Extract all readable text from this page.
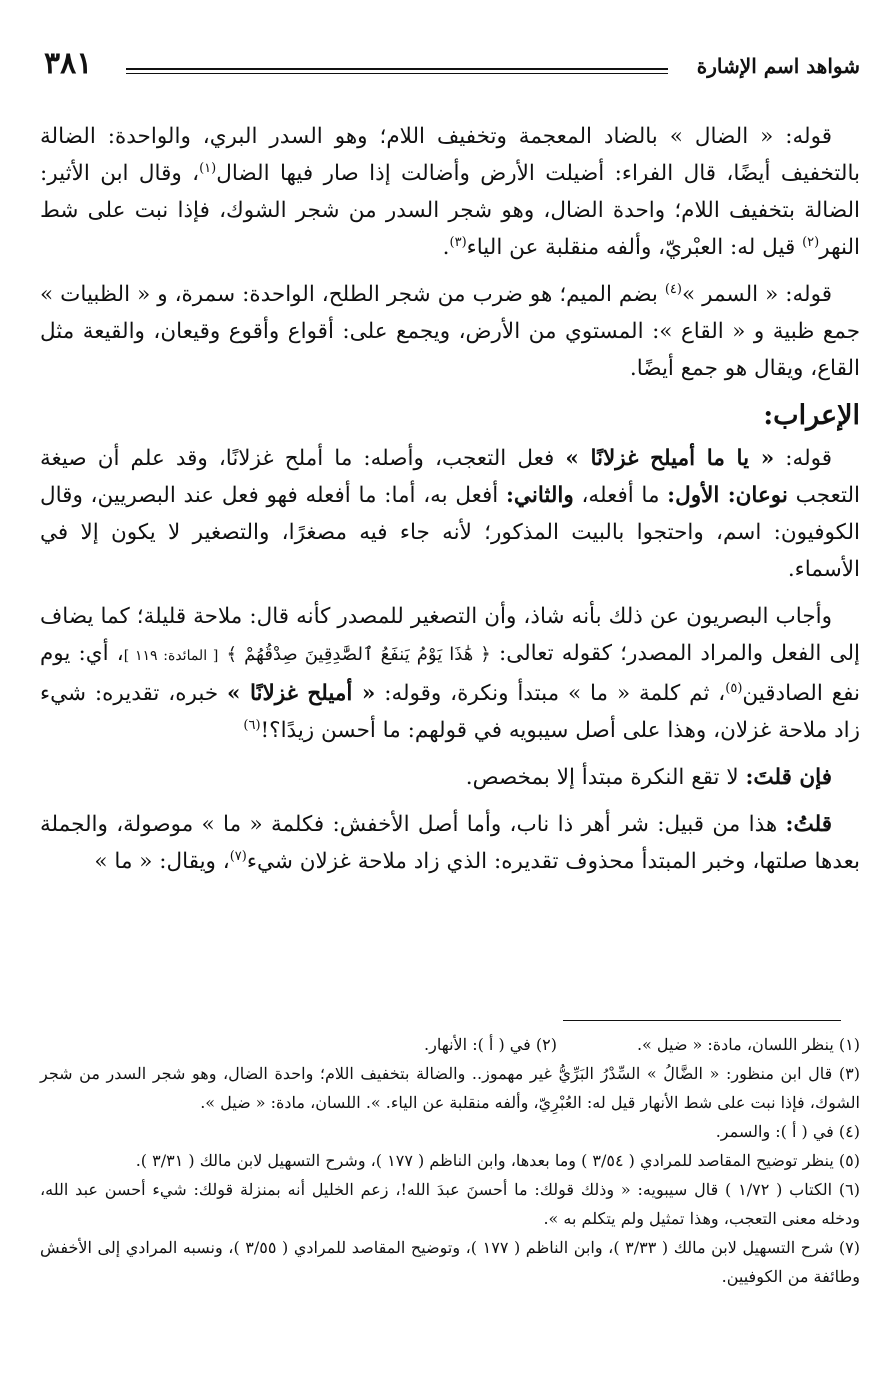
شواهد اسم الإشارة
٣٨١

قوله: « الضال » بالضاد المعجمة وتخفيف اللام؛ وهو السدر البري، والواحدة: الضالة بالتخفيف أيضًا، قال الفراء: أضيلت الأرض وأضالت إذا صار فيها الضال$^{(١)}$، وقال ابن الأثير: الضالة بتخفيف اللام؛ واحدة الضال، وهو شجر السدر من شجر الشوك، فإذا نبت على شط النهر$^{(٢)}$ قيل له: العبْريّ، وألفه منقلبة عن الياء$^{(٣)}$.

قوله: « السمر »$^{(٤)}$ بضم الميم؛ هو ضرب من شجر الطلح، الواحدة: سمرة، و « الظبيات » جمع ظبية و « القاع »: المستوي من الأرض، ويجمع على: أقواع وأقوع وقيعان، والقيعة مثل القاع، ويقال هو جمع أيضًا.

الإعراب:

قوله: « يا ما أميلح غزلانًا » فعل التعجب، وأصله: ما أملح غزلانًا، وقد علم أن صيغة التعجب نوعان: الأول: ما أفعله، والثاني: أفعل به، أما: ما أفعله فهو فعل عند البصريين، وقال الكوفيون: اسم، واحتجوا بالبيت المذكور؛ لأنه جاء فيه مصغرًا، والتصغير لا يكون إلا في الأسماء.

وأجاب البصريون عن ذلك بأنه شاذ، وأن التصغير للمصدر كأنه قال: ملاحة قليلة؛ كما يضاف إلى الفعل والمراد المصدر؛ كقوله تعالى: ﴿ هَٰذَا يَوْمُ يَنفَعُ ٱلصَّٰدِقِينَ صِدْقُهُمْ ﴾ [ المائدة: ١١٩ ]، أي: يوم نفع الصادقين$^{(٥)}$، ثم كلمة « ما » مبتدأ ونكرة، وقوله: « أميلح غزلانًا » خبره، تقديره: شيء زاد ملاحة غزلان، وهذا على أصل سيبويه في قولهم: ما أحسن زيدًا؟!$^{(٦)}$

فإن قلتَ: لا تقع النكرة مبتدأ إلا بمخصص.

قلتُ: هذا من قبيل: شر أهر ذا ناب، وأما أصل الأخفش: فكلمة « ما » موصولة، والجملة بعدها صلتها، وخبر المبتدأ محذوف تقديره: الذي زاد ملاحة غزلان شيء$^{(٧)}$، ويقال: « ما »

(١) ينظر اللسان، مادة: « ضيل ».

(٢) في ( أ ): الأنهار.

(٣) قال ابن منظور: « الضَّالُ » السِّدْرُ البَرِّيُّ غير مهموز.. والضالة بتخفيف اللام؛ واحدة الضال، وهو شجر السدر من شجر الشوك، فإذا نبت على شط الأنهار قيل له: العُبْرِيّ، وألفه منقلبة عن الياء. ». اللسان، مادة: « ضيل ».

(٤) في ( أ ): والسمر.

(٥) ينظر توضيح المقاصد للمرادي ( ٣/٥٤ ) وما بعدها، وابن الناظم ( ١٧٧ )، وشرح التسهيل لابن مالك ( ٣/٣١ ).

(٦) الكتاب ( ١/٧٢ ) قال سيبويه: « وذلك قولك: ما أحسنَ عبدَ الله!، زعم الخليل أنه بمنزلة قولك: شيء أحسن عبد الله، ودخله معنى التعجب، وهذا تمثيل ولم يتكلم به ».

(٧) شرح التسهيل لابن مالك ( ٣/٣٣ )، وابن الناظم ( ١٧٧ )، وتوضيح المقاصد للمرادي ( ٣/٥٥ )، ونسبه المرادي إلى الأخفش وطائفة من الكوفيين.
